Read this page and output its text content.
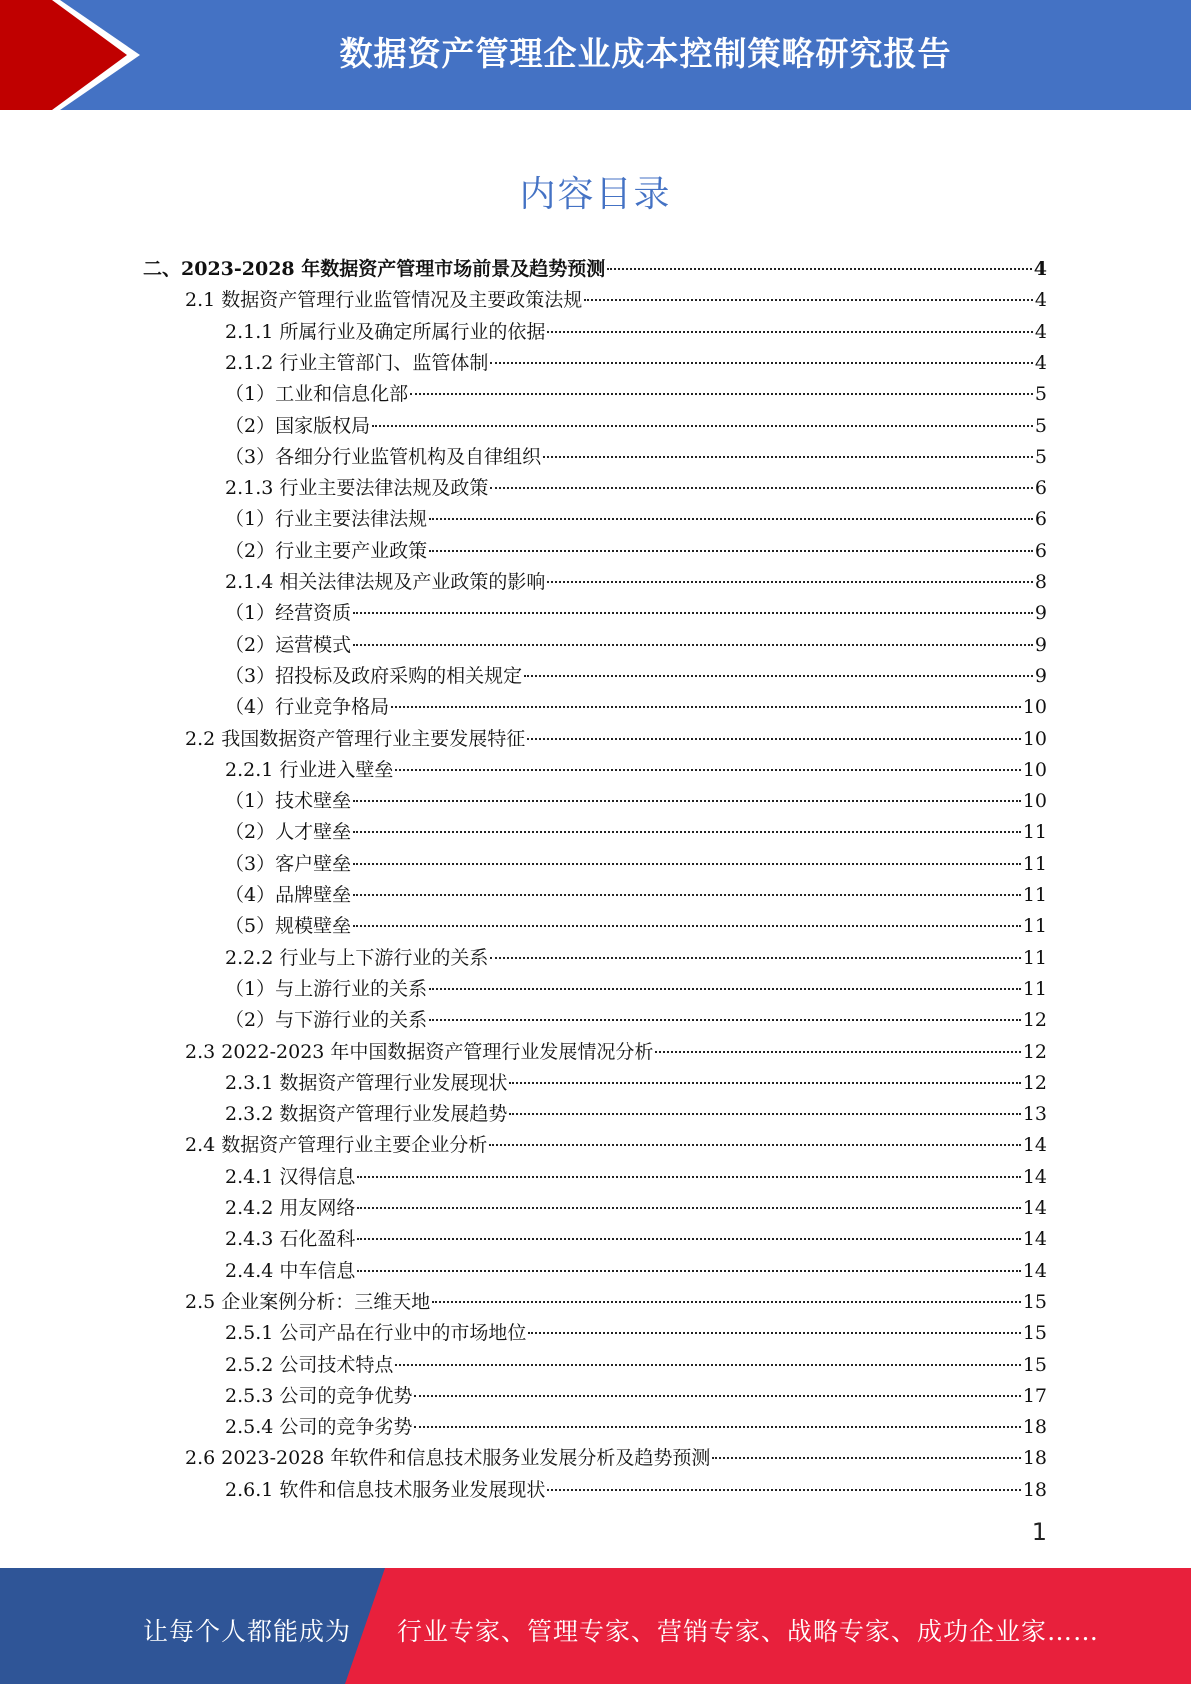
数据资产管理企业成本控制策略研究报告
内容目录
二、2023-2028 年数据资产管理市场前景及趋势预测	4
2.1 数据资产管理行业监管情况及主要政策法规	4
2.1.1 所属行业及确定所属行业的依据	4
2.1.2 行业主管部门、监管体制	4
（1）工业和信息化部	5
（2）国家版权局	5
（3）各细分行业监管机构及自律组织	5
2.1.3 行业主要法律法规及政策	6
（1）行业主要法律法规	6
（2）行业主要产业政策	6
2.1.4 相关法律法规及产业政策的影响	8
（1）经营资质	9
（2）运营模式	9
（3）招投标及政府采购的相关规定	9
（4）行业竞争格局	10
2.2 我国数据资产管理行业主要发展特征	10
2.2.1 行业进入壁垒	10
（1）技术壁垒	10
（2）人才壁垒	11
（3）客户壁垒	11
（4）品牌壁垒	11
（5）规模壁垒	11
2.2.2 行业与上下游行业的关系	11
（1）与上游行业的关系	11
（2）与下游行业的关系	12
2.3 2022-2023 年中国数据资产管理行业发展情况分析	12
2.3.1 数据资产管理行业发展现状	12
2.3.2 数据资产管理行业发展趋势	13
2.4 数据资产管理行业主要企业分析	14
2.4.1 汉得信息	14
2.4.2 用友网络	14
2.4.3 石化盈科	14
2.4.4 中车信息	14
2.5 企业案例分析：三维天地	15
2.5.1 公司产品在行业中的市场地位	15
2.5.2 公司技术特点	15
2.5.3 公司的竞争优势	17
2.5.4 公司的竞争劣势	18
2.6 2023-2028 年软件和信息技术服务业发展分析及趋势预测	18
2.6.1 软件和信息技术服务业发展现状	18
1
让每个人都能成为 行业专家、管理专家、营销专家、战略专家、成功企业家……
